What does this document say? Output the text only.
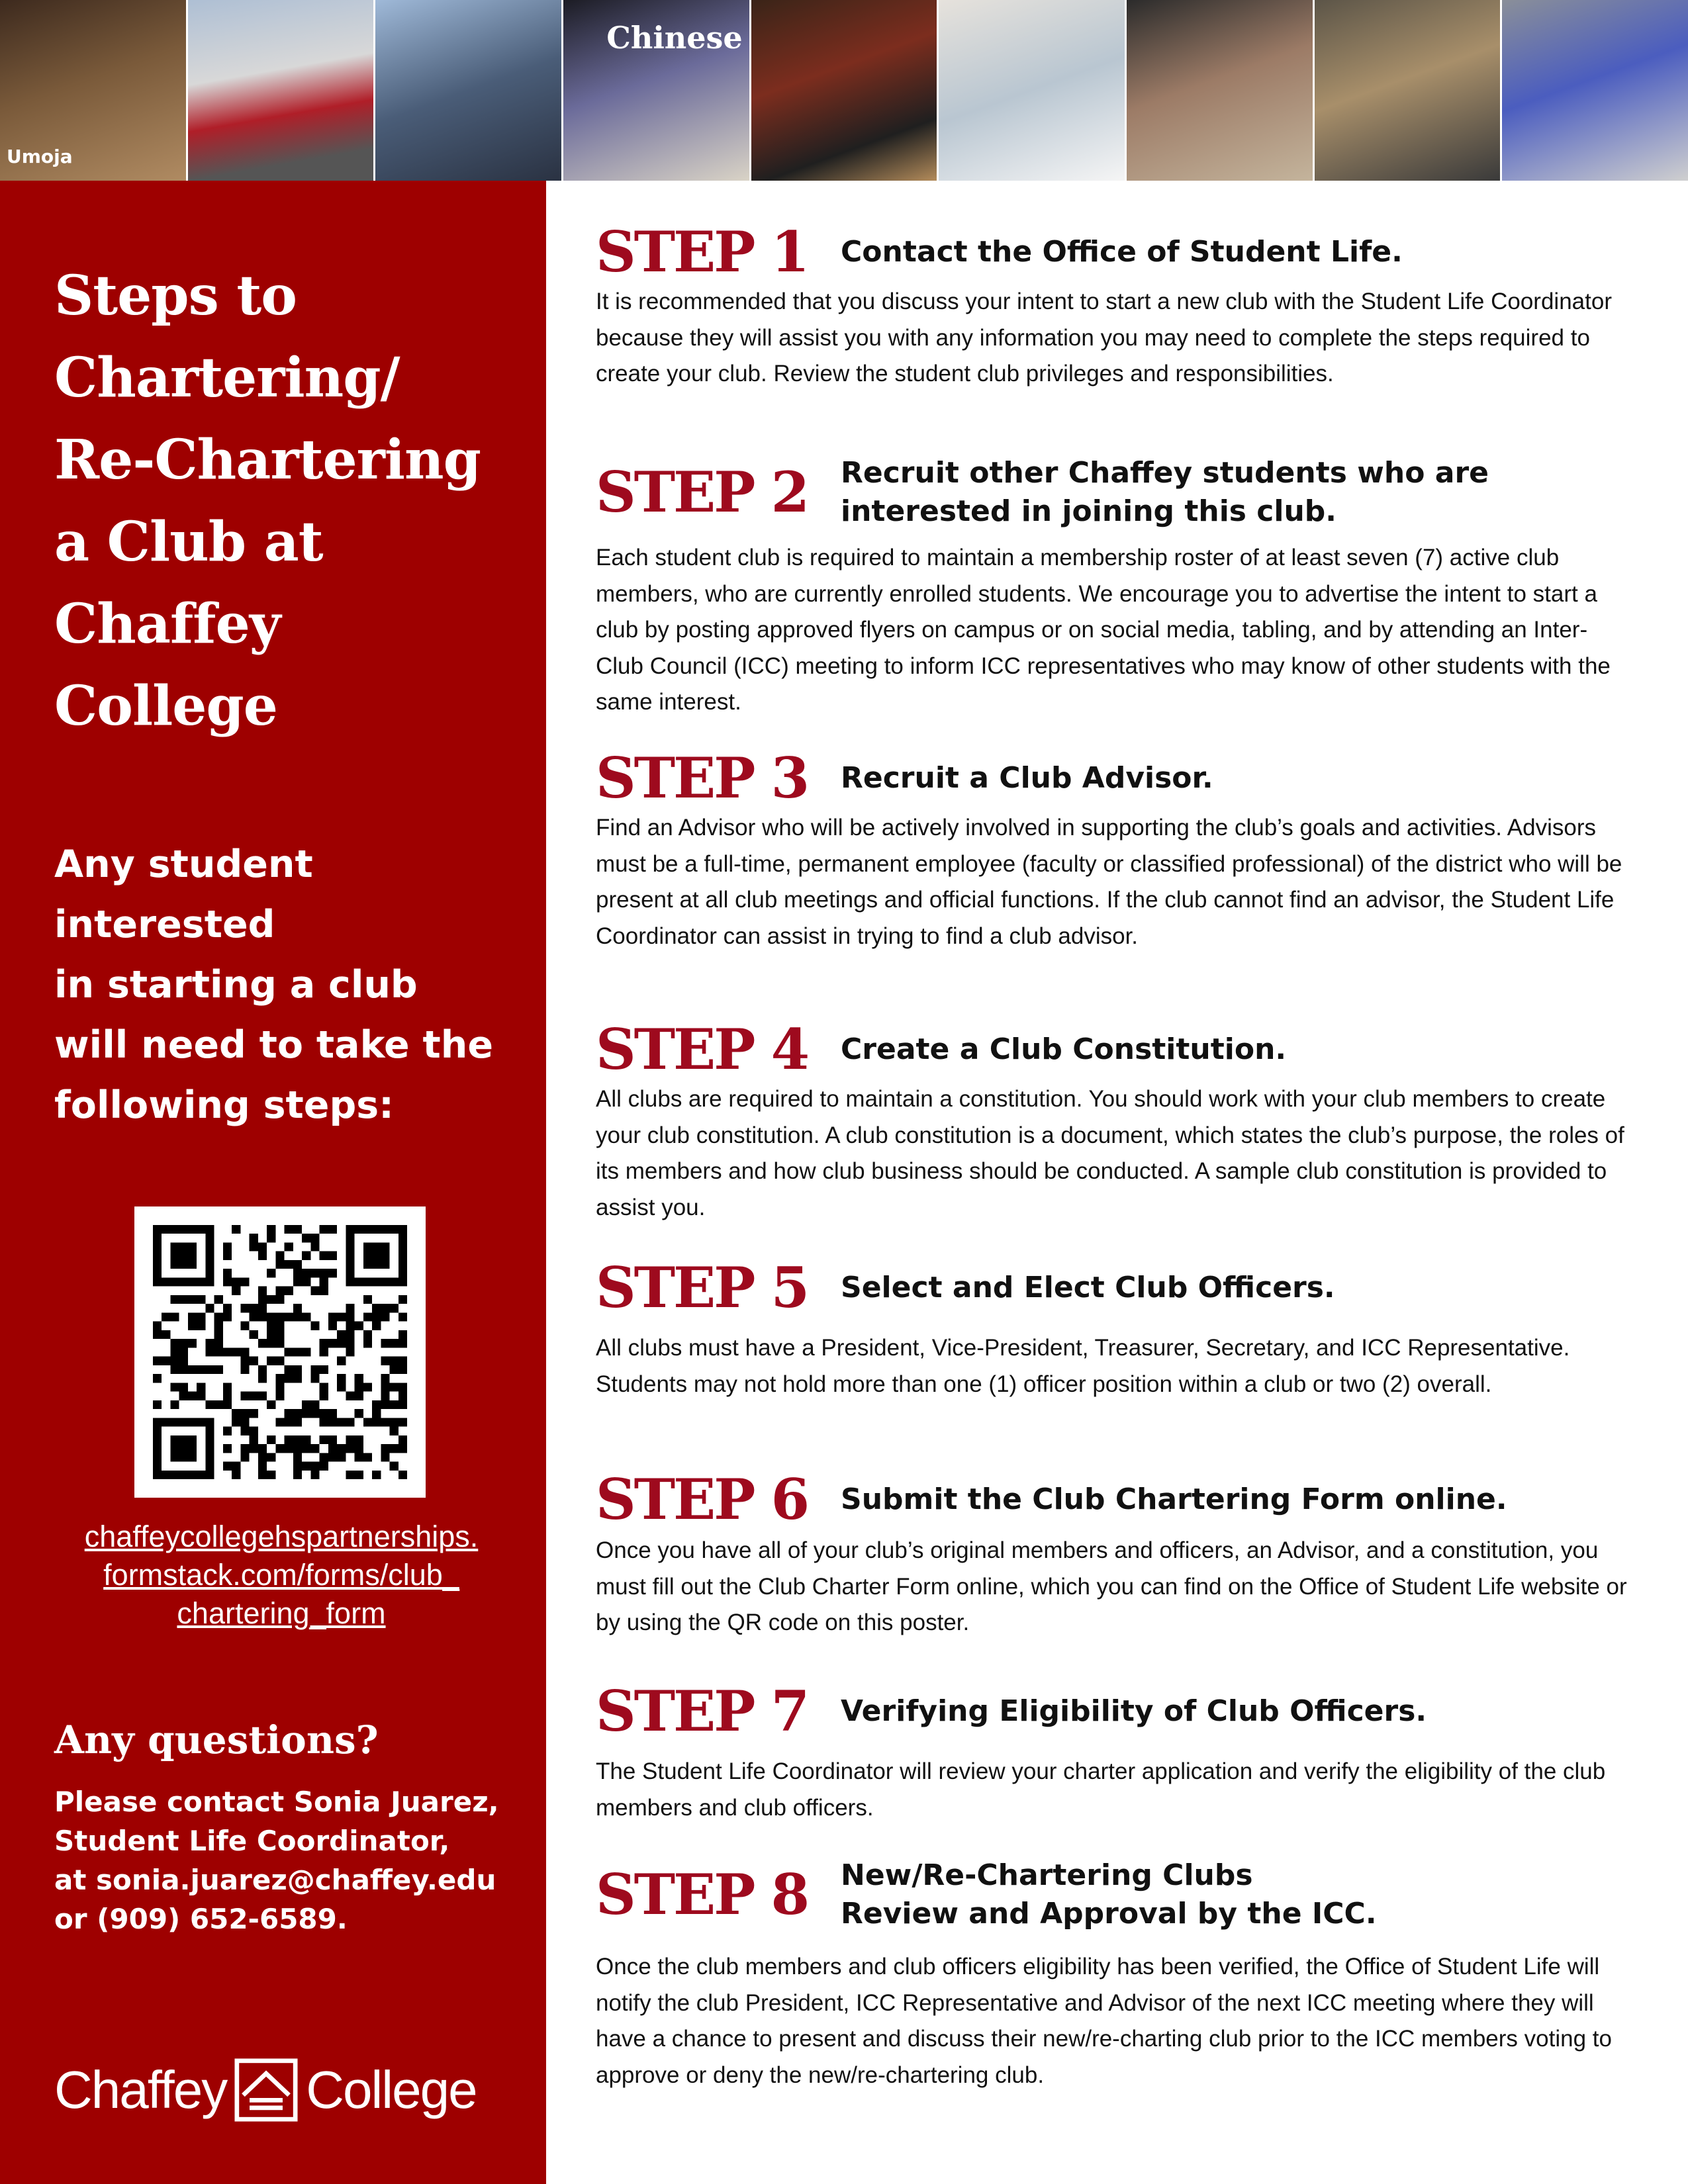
Umoja
Chinese
Steps to
Chartering/
Re-Chartering
a Club at
Chaffey
College

Any student interested
in starting a club
will need to take the
following steps:

chaffeycollegehspartnerships.
formstack.com/forms/club_
chartering_form
Any questions?

Please contact Sonia Juarez,
Student Life Coordinator,
at sonia.juarez@chaffey.edu
or (909) 652-6589.

Chaffey College
STEP 1	Contact the Office of Student Life.
It is recommended that you discuss your intent to start a new club with the Student Life Coordinator because they will assist you with any information you may need to complete the steps required to create your club. Review the student club privileges and responsibilities.
STEP 2	Recruit other Chaffey students who are
interested in joining this club.
Each student club is required to maintain a membership roster of at least seven (7) active club members, who are currently enrolled students. We encourage you to advertise the intent to start a club by posting approved flyers on campus or on social media, tabling, and by attending an Inter-Club Council (ICC) meeting to inform ICC representatives who may know of other students with the same interest.
STEP 3	Recruit a Club Advisor.
Find an Advisor who will be actively involved in supporting the club’s goals and activities. Advisors must be a full-time, permanent employee (faculty or classified professional) of the district who will be present at all club meetings and official functions. If the club cannot find an advisor, the Student Life Coordinator can assist in trying to find a club advisor.
STEP 4	Create a Club Constitution.
All clubs are required to maintain a constitution. You should work with your club members to create your club constitution. A club constitution is a document, which states the club’s purpose, the roles of its members and how club business should be conducted. A sample club constitution is provided to assist you.
STEP 5	Select and Elect Club Officers.
All clubs must have a President, Vice-President, Treasurer, Secretary, and ICC Representative. Students may not hold more than one (1) officer position within a club or two (2) overall.
STEP 6	Submit the Club Chartering Form online.
Once you have all of your club’s original members and officers, an Advisor, and a constitution, you must fill out the Club Charter Form online, which you can find on the Office of Student Life website or by using the QR code on this poster.
STEP 7	Verifying Eligibility of Club Officers.
The Student Life Coordinator will review your charter application and verify the eligibility of the club members and club officers.
STEP 8	New/Re-Chartering Clubs
Review and Approval by the ICC.
Once the club members and club officers eligibility has been verified, the Office of Student Life will notify the club President, ICC Representative and Advisor of the next ICC meeting where they will have a chance to present and discuss their new/re-charting club prior to the ICC members voting to approve or deny the new/re-chartering club.
